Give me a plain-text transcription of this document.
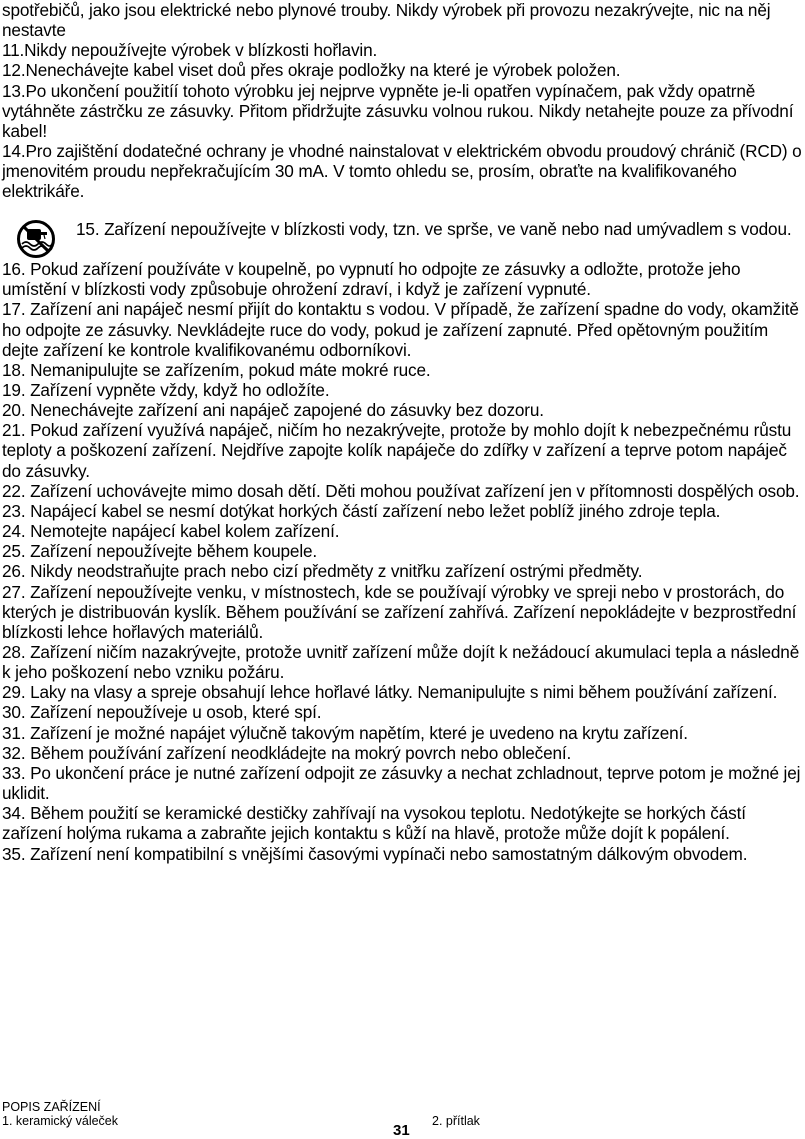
spotřebičů, jako jsou elektrické nebo plynové trouby. Nikdy výrobek při provozu nezakrývejte, nic na něj nestavte

11.Nikdy nepoužívejte výrobek v blízkosti hořlavin.

12.Nenechávejte kabel viset doů přes okraje podložky na které je výrobek položen.

13.Po ukončení použitíí tohoto výrobku jej nejprve vypněte je-li opatřen vypínačem, pak vždy opatrně vytáhněte zástrčku ze zásuvky. Přitom přidržujte zásuvku volnou rukou. Nikdy netahejte pouze za přívodní kabel!

14.Pro zajištění dodatečné ochrany je vhodné nainstalovat v elektrickém obvodu proudový chránič (RCD) o jmenovitém proudu nepřekračujícím 30 mA. V tomto ohledu se, prosím, obraťte na kvalifikovaného elektrikáře.

15. Zařízení nepoužívejte v blízkosti vody, tzn. ve sprše, ve vaně nebo nad umývadlem s vodou.

16. Pokud zařízení používáte v koupelně, po vypnutí ho odpojte ze zásuvky a odložte, protože jeho umístění v blízkosti vody způsobuje ohrožení zdraví, i když je zařízení vypnuté.

17. Zařízení ani napáječ nesmí přijít do kontaktu s vodou. V případě, že zařízení spadne do vody, okamžitě ho odpojte ze zásuvky. Nevkládejte ruce do vody, pokud je zařízení zapnuté. Před opětovným použitím dejte zařízení ke kontrole kvalifikovanému odborníkovi.

18. Nemanipulujte se zařízením, pokud máte mokré ruce.

19. Zařízení vypněte vždy, když ho odložíte.

20. Nenechávejte zařízení ani napáječ zapojené do zásuvky bez dozoru.

21. Pokud zařízení využívá napáječ, ničím ho nezakrývejte, protože by mohlo dojít k nebezpečnému růstu teploty a poškození zařízení. Nejdříve zapojte kolík napáječe do zdířky v zařízení a teprve potom napáječ do zásuvky.

22. Zařízení uchovávejte mimo dosah dětí. Děti mohou používat zařízení jen v přítomnosti dospělých osob.

23. Napájecí kabel se nesmí dotýkat horkých částí zařízení nebo ležet poblíž jiného zdroje tepla.

24. Nemotejte napájecí kabel kolem zařízení.

25. Zařízení nepoužívejte během koupele.

26. Nikdy neodstraňujte prach nebo cizí předměty z vnitřku zařízení ostrými předměty.

27. Zařízení nepoužívejte venku, v místnostech, kde se používají výrobky ve spreji nebo v prostorách, do kterých je distribuován kyslík. Během používání se zařízení zahřívá. Zařízení nepokládejte v bezprostřední blízkosti lehce hořlavých materiálů.

28. Zařízení ničím nazakrývejte, protože uvnitř zařízení může dojít k nežádoucí akumulaci tepla a následně k jeho poškození nebo vzniku požáru.

29. Laky na vlasy a spreje obsahují lehce hořlavé látky. Nemanipulujte s nimi během používání zařízení.

30. Zařízení nepoužíveje u osob, které spí.

31. Zařízení je možné napájet výlučně takovým napětím, které je uvedeno na krytu zařízení.

32. Během používání zařízení neodkládejte na mokrý povrch nebo oblečení.

33. Po ukončení práce je nutné zařízení odpojit ze zásuvky a nechat zchladnout, teprve potom je možné jej uklidit.

34. Během použití se keramické destičky zahřívají na vysokou teplotu. Nedotýkejte se horkých částí zařízení holýma rukama a zabraňte jejich kontaktu s kůží na hlavě, protože může dojít k popálení.

35. Zařízení není kompatibilní s vnějšími časovými vypínači nebo samostatným dálkovým obvodem.

POPIS ZAŘÍZENÍ
1. keramický váleček
31
2. přítlak
